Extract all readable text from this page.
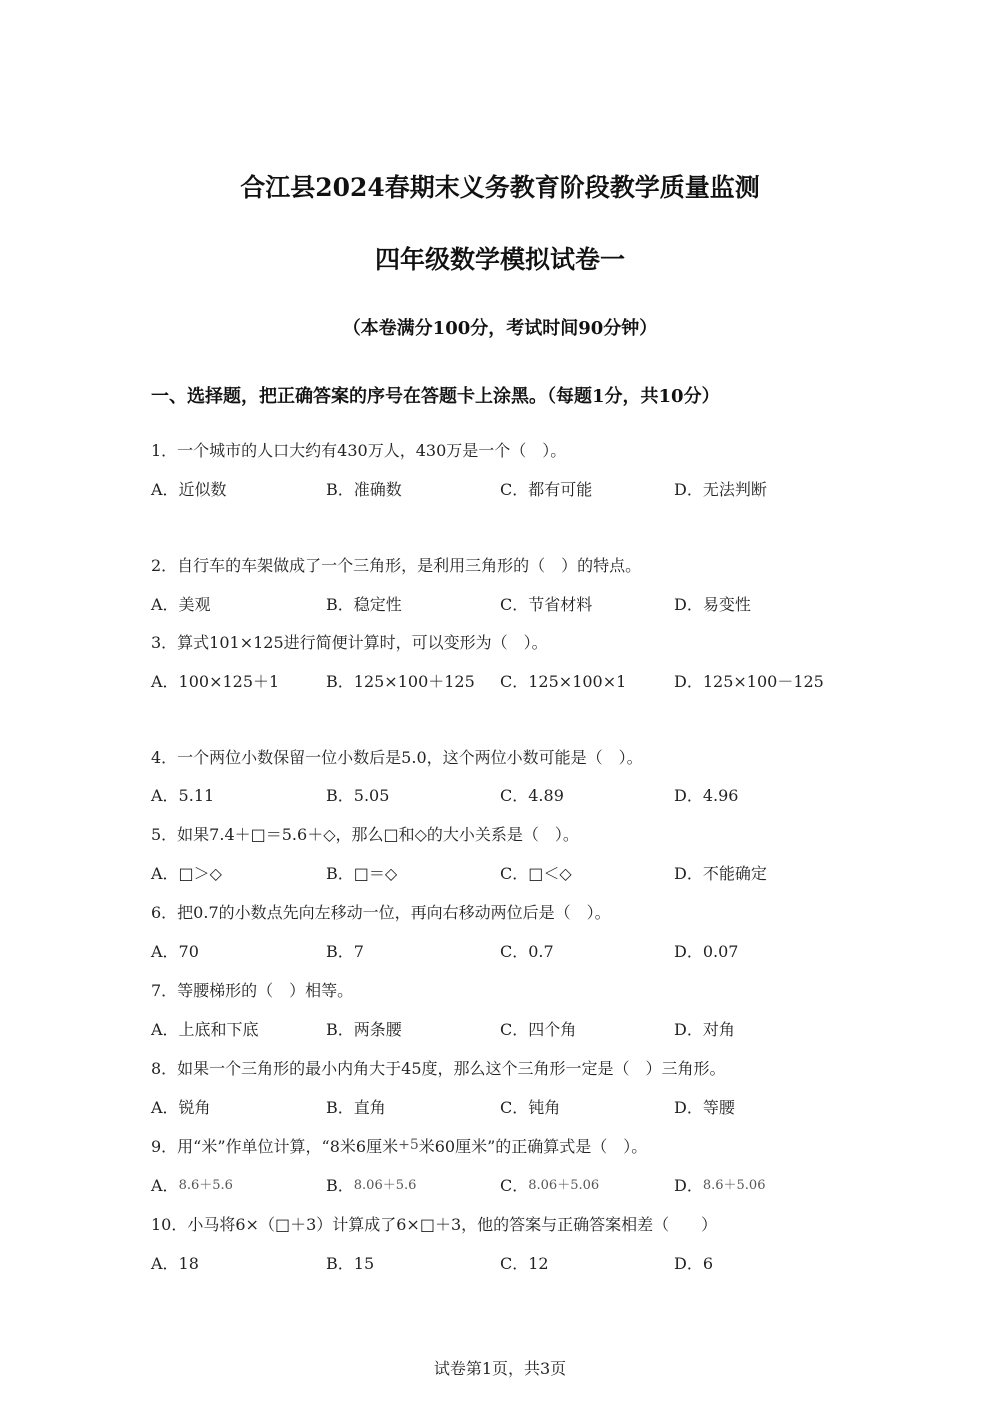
合江县2024春期末义务教育阶段教学质量监测
四年级数学模拟试卷一
（本卷满分100分，考试时间90分钟）
一、选择题，把正确答案的序号在答题卡上涂黑。（每题1分，共10分）
1．一个城市的人口大约有430万人，430万是一个（　）。
A．近似数	B．准确数	C．都有可能	D．无法判断
2．自行车的车架做成了一个三角形，是利用三角形的（　）的特点。
A．美观	B．稳定性	C．节省材料	D．易变性
3．算式101×125进行简便计算时，可以变形为（　）。
A．100×125＋1	B．125×100＋125 C．125×100×1	D．125×100－125
4．一个两位小数保留一位小数后是5.0，这个两位小数可能是（　）。
A．5.11	B．5.05	C．4.89	D．4.96
5．如果7.4＋□＝5.6＋◇，那么□和◇的大小关系是（　）。
A．□＞◇	B．□＝◇	C．□＜◇	D．不能确定
6．把0.7的小数点先向左移动一位，再向右移动两位后是（　）。
A．70	B．7	C．0.7	D．0.07
7．等腰梯形的（　）相等。
A．上底和下底	B．两条腰	C．四个角	D．对角
8．如果一个三角形的最小内角大于45度，那么这个三角形一定是（　）三角形。
A．锐角	B．直角	C．钝角	D．等腰
9．用“米”作单位计算，“8米6厘米+5米60厘米”的正确算式是（　）。
A．8.6＋5.6	B．8.06＋5.6	C．8.06＋5.06	D．8.6＋5.06
10．小马将6×（□＋3）计算成了6×□＋3，他的答案与正确答案相差（　　）
A．18	B．15	C．12	D．6
试卷第1页，共3页
